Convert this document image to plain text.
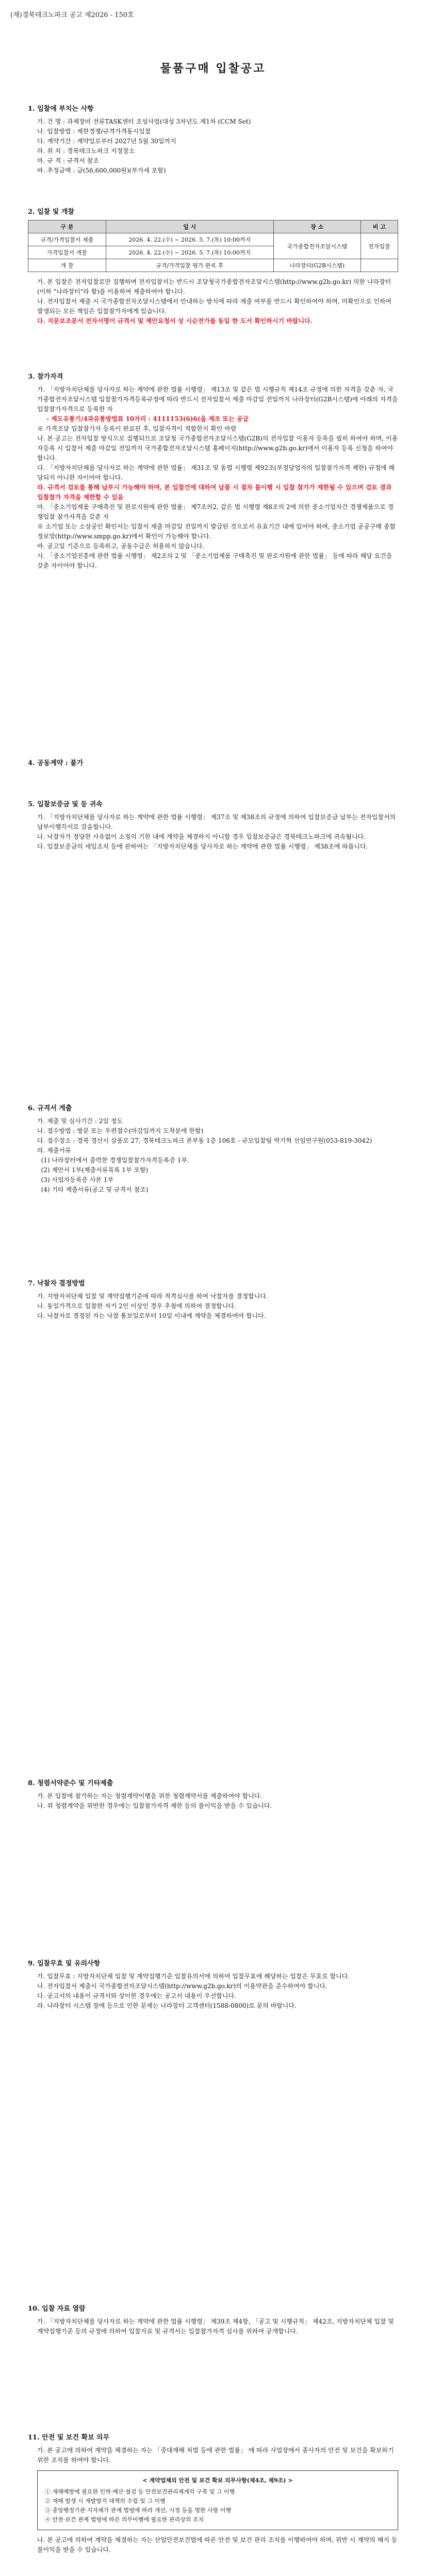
(재)경북테크노파크 공고 제2026 - 150호
물품구매 입찰공고
1. 입찰에 부치는 사항

가. 건 명 : 과제장비 전류TASK센터 조성사업(대성 3차년도 제1차 (CCM Set)

나. 입찰방법 : 제한경쟁/규격가격동시입찰

다. 계약기간 : 계약일로부터 2027년 5월 30일까지

라. 위 치 : 경북테크노파크 지정장소

마. 규 격 : 규격서 참조

바. 추정금액 : 금(56,600,000원)(부가세 포함)

2. 입찰 및 개찰
구 분	일 시	장 소	비 고
규격/가격입찰서 제출	2026. 4. 22.(수) ~ 2026. 5. 7.(목) 10:00까지	국가종합전자조달시스템	전자입찰
가격입찰서 개찰	2026. 4. 22.(수) ~ 2026. 5. 7.(목) 10:00까지		
개 찰	규격/가격입찰 평가 완료 후	나라장터(G2B시스템)	

가. 본 입찰은 전자입찰로만 집행하며 전자입찰서는 반드시 조달청국가종합전자조달시스템(http://www.g2b.go.kr) 의한 나라장터(이하 "나라장터"라 함)를 이용하여 제출하여야 합니다.

나. 전자입찰서 제출 시 국가종합전자조달시스템에서 안내하는 방식에 따라 제출 여부를 반드시 확인하여야 하며, 미확인으로 인하여 발생되는 모든 책임은 입찰참가자에게 있습니다.

다. 지문보조문서 전자서명이 규격서 및 제안요청서 상 시순전가를 동일 한 도서 확인하시기 바랍니다.

3. 참가자격

가. 「지방자치단체를 당사자로 하는 계약에 관한 법률 시행령」 제13조 및 같은 법 시행규칙 제14조 규정에 의한 자격을 갖춘 자, 국가종합전자조달시스템 입찰참가자격등록규정에 따라 반드시 전자입찰서 제출 마감일 전일까지 나라장터(G2B시스템)에 아래의 자격을 입찰참가자격으로 등록한 자

- 제도유통기/4과유통방법표 10자리 : 4111153(6)6(을 제조 또는 공급

※ 가격조달 입찰참가자 등록이 완료된 후, 입찰자격이 적합한지 확인 바람
나. 본 공고는 전자입찰 방식으로 집행되므로 조달청 국가종합전자조달시스템(G2B)의 전자입찰 이용자 등록을 필히 하여야 하며, 이용자등록 시 입찰서 제출 마감일 전일까지 국가종합전자조달시스템 홈페이지(http://www.g2b.go.kr)에서 이용자 등록 신청을 하여야 합니다.
다. 「지방자치단체를 당사자로 하는 계약에 관한 법률」 제31조 및 동법 시행령 제92조(부정당업자의 입찰참가자격 제한) 규정에 해당되지 아니한 자이어야 합니다.

라. 규격서 검토를 통해 납부시 가능해야 하며, 본 입찰건에 대하여 납품 시 절차 불이행 시 입찰 참가가 제한될 수 있으며 검토 결과 입찰참가 자격을 제한할 수 있음

마. 「중소기업제품 구매촉진 및 판로지원에 관한 법률」 제7조의2, 같은 법 시행령 제8조의 2에 의한 중소기업자간 경쟁제품으로 경쟁입찰 참가자격을 갖춘 자
※ 소기업 또는 소상공인 확인서는 입찰서 제출 마감일 전일까지 발급된 것으로서 유효기간 내에 있어야 하며, 중소기업 공공구매 종합정보망(http://www.smpp.go.kr)에서 확인이 가능해야 합니다.
바. 공고일 기준으로 등록하고, 공동수급은 허용하지 않습니다.
사. 「중소기업진흥에 관한 법률 시행령」 제2조의 2 및 「중소기업제품 구매촉진 및 판로지원에 관한 법률」 등에 따라 해당 요건을 갖춘 자이어야 합니다.

4. 공동계약 : 불가
5. 입찰보증금 및 등 귀속

가. 「지방자치단체를 당사자로 하는 계약에 관한 법률 시행령」 제37조 및 제38조의 규정에 의하여 입찰보증금 납부는 전자입찰서의 납부이행각서로 갈음합니다.
나. 낙찰자가 정당한 사유없이 소정의 기한 내에 계약을 체결하지 아니할 경우 입찰보증금은 경북테크노파크에 귀속됩니다.
다. 입찰보증금의 세입조치 등에 관하여는 「지방자치단체를 당사자로 하는 계약에 관한 법률 시행령」 제38조에 따릅니다.

6. 규격서 게출

가. 제출 및 심사기간 : 2일 정도
나. 접수방법 : 방문 또는 우편접수(마감일까지 도착분에 한함)
다. 접수장소 : 경북 경산시 삼풍로 27, 경북테크노파크 본부동 1층 106호 - 규모입찰팀 박기혁 선임연구원(053-819-3042)
라. 제출서류
(1) 나라장터에서 출력한 경쟁입찰참가자격등록증 1부.
(2) 제안서 1부(제출서류목록 1부 포함)
(3) 사업자등록증 사본 1부
(4) 기타 제출서류(공고 및 규격서 참조)

7. 낙찰자 결정방법

가. 지방자치단체 입찰 및 계약집행기준에 따라 적격심사를 하여 낙찰자를 결정합니다.
나. 동일가격으로 입찰한 자가 2인 이상인 경우 추첨에 의하여 결정합니다.
다. 낙찰자로 결정된 자는 낙찰 통보일로부터 10일 이내에 계약을 체결하여야 합니다.

8. 청렴서약준수 및 기타제출

가. 본 입찰에 참가하는 자는 청렴계약이행을 위한 청렴계약서를 제출하여야 합니다.
나. 위 청렴계약을 위반한 경우에는 입찰참가자격 제한 등의 불이익을 받을 수 있습니다.

9. 입찰무효 및 유의사항

가. 입찰무효 : 지방자치단체 입찰 및 계약집행기준 입찰유의서에 의하여 입찰무효에 해당하는 입찰은 무효로 합니다.
나. 전자입찰서 제출시 국가종합전자조달시스템(http://www.g2b.go.kr)의 이용약관을 준수하여야 합니다.
다. 공고서의 내용이 규격서와 상이한 경우에는 공고서 내용이 우선합니다.
라. 나라장터 시스템 장애 등으로 인한 문제는 나라장터 고객센터(1588-0800)로 문의 바랍니다.

10. 입찰 자료 열람

가. 「지방자치단체를 당사자로 하는 계약에 관한 법률 시행령」 제39조 제4항, 「공고 및 시행규칙」 제42조, 지방자치단체 입찰 및 계약집행기준 등의 규정에 의하여 입찰자료 및 규격서는 입찰참가자격 심사를 위하여 공개합니다.

11. 안전 및 보건 확보 의무

가. 본 공고에 의하여 계약을 체결하는 자는 「중대재해 처벌 등에 관한 법률」 에 따라 사업장에서 종사자의 안전 및 보건을 확보하기 위한 조치를 하여야 합니다.

< 계약업체의 안전 및 보건 확보 의무사항(제4조, 제9조) >
① 재해예방에 필요한 인력·예산·점검 등 안전보건관리체계의 구축 및 그 이행
② 재해 발생 시 재발방지 대책의 수립 및 그 이행
③ 중앙행정기관·지자체가 관계 법령에 따라 개선, 시정 등을 명한 사항 이행
④ 안전·보건 관계 법령에 따른 의무이행에 필요한 관리상의 조치

나. 본 공고에 의하여 계약을 체결하는 자는 산업안전보건법에 따른 안전 및 보건 관리 조치를 이행하여야 하며, 위반 시 계약의 해지 등 불이익을 받을 수 있습니다.
